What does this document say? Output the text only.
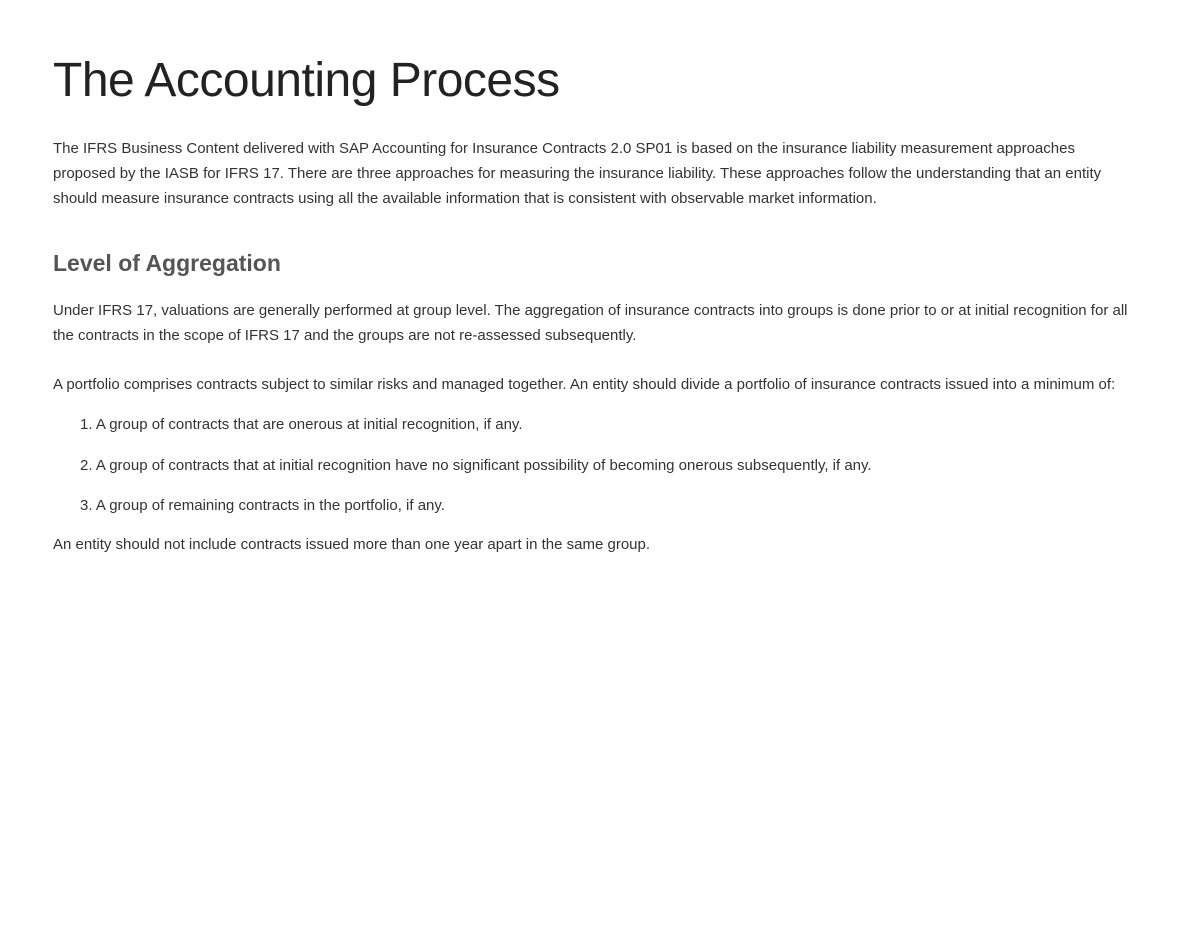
The Accounting Process

The IFRS Business Content delivered with SAP Accounting for Insurance Contracts 2.0 SP01 is based on the insurance liability measurement approaches proposed by the IASB for IFRS 17. There are three approaches for measuring the insurance liability. These approaches follow the understanding that an entity should measure insurance contracts using all the available information that is consistent with observable market information.

Level of Aggregation

Under IFRS 17, valuations are generally performed at group level. The aggregation of insurance contracts into groups is done prior to or at initial recognition for all the contracts in the scope of IFRS 17 and the groups are not re-assessed subsequently.

A portfolio comprises contracts subject to similar risks and managed together. An entity should divide a portfolio of insurance contracts issued into a minimum of:

1. A group of contracts that are onerous at initial recognition, if any.
2. A group of contracts that at initial recognition have no significant possibility of becoming onerous subsequently, if any.
3. A group of remaining contracts in the portfolio, if any.

An entity should not include contracts issued more than one year apart in the same group.
